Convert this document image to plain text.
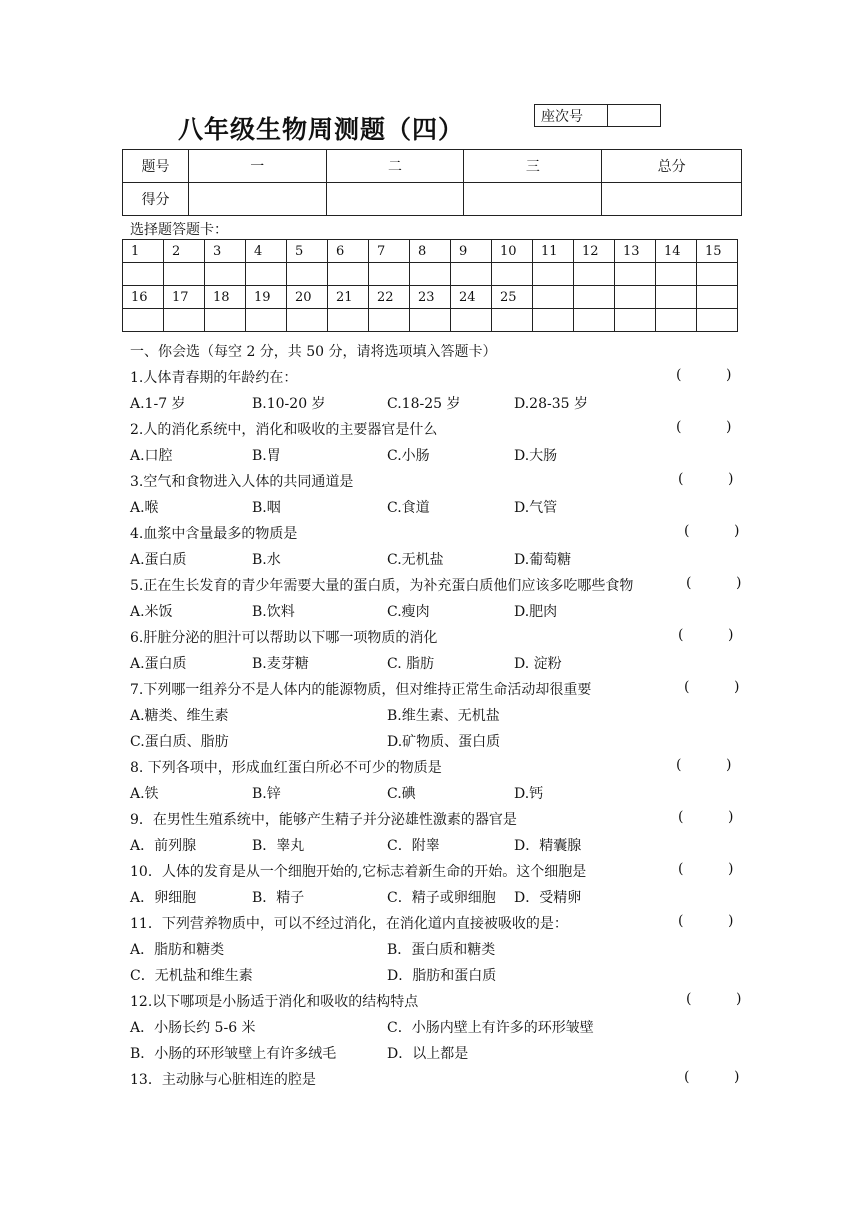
八年级生物周测题（四）	座次号	
题号	一	二	三	总分
得分				
选择题答题卡：
1	2	3	4	5	6	7	8	9	10	11	12	13	14	15

16	17	18	19	20	21	22	23	24	25					

一、你会选（每空 2 分，共 50 分，请将选项填入答题卡）
1.人体青春期的年龄约在：	(          )
A.1-7 岁	B.10-20 岁	C.18-25 岁	D.28-35 岁
2.人的消化系统中，消化和吸收的主要器官是什么	(          )
A.口腔	B.胃	C.小肠	D.大肠
3.空气和食物进入人体的共同通道是	(          )
A.喉	B.咽	C.食道	D.气管
4.血浆中含量最多的物质是	(          )
A.蛋白质	B.水	C.无机盐	D.葡萄糖
5.正在生长发育的青少年需要大量的蛋白质，为补充蛋白质他们应该多吃哪些食物	(          )
A.米饭	B.饮料	C.瘦肉	D.肥肉
6.肝脏分泌的胆汁可以帮助以下哪一项物质的消化	(          )
A.蛋白质	B.麦芽糖	C. 脂肪	D. 淀粉
7.下列哪一组养分不是人体内的能源物质，但对维持正常生命活动却很重要	(          )
A.糖类、维生素	B.维生素、无机盐
C.蛋白质、脂肪	D.矿物质、蛋白质
8. 下列各项中，形成血红蛋白所必不可少的物质是	(          )
A.铁	B.锌	C.碘	D.钙
9．在男性生殖系统中，能够产生精子并分泌雄性激素的器官是	(          )
A．前列腺	B．睾丸	C．附睾	D．精囊腺
10．人体的发育是从一个细胞开始的,它标志着新生命的开始。这个细胞是	(          )
A．卵细胞	B．精子	C．精子或卵细胞 D．受精卵
11．下列营养物质中，可以不经过消化，在消化道内直接被吸收的是：	(          )
A．脂肪和糖类	B．蛋白质和糖类
C．无机盐和维生素	D．脂肪和蛋白质
12.以下哪项是小肠适于消化和吸收的结构特点	(          )
A．小肠长约 5-6 米	C．小肠内壁上有许多的环形皱壁
B．小肠的环形皱壁上有许多绒毛	D．以上都是
13．主动脉与心脏相连的腔是	(          )
